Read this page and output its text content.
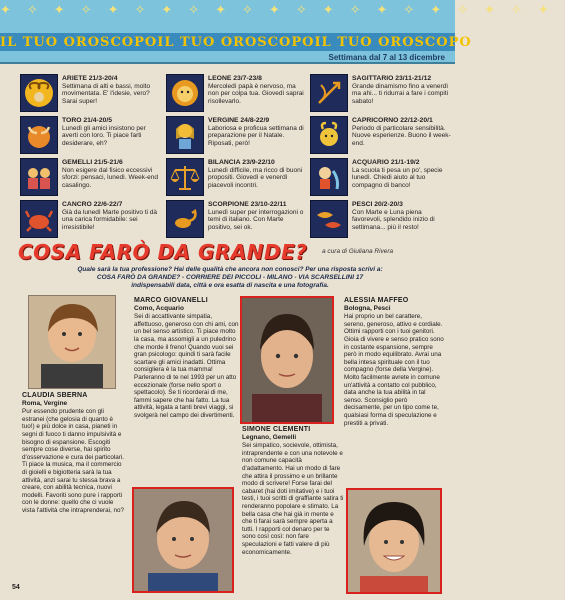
✦✧✦✧✦✧✦✧✦✧✦✧✦✧✦✧✦✧✦✧✦
IL TUO OROSCOPO IL TUO OROSCOPO IL TUO OROSCOPO
Settimana dal 7 al 13 dicembre
ARIETE 21/3-20/4
Settimana di alti e bassi, molto movimentata. E' l'idesie, vero? Sarai super!
TORO 21/4-20/5
Lunedì gli amici insistono per averti con loro. Ti piace farti desiderare, eh?
GEMELLI 21/5-21/6
Non esigere dal fisico eccessivi sforzi: pensaci, lunedì. Week-end casalingo.
CANCRO 22/6-22/7
Già da lunedì Marte positivo ti dà una carica formidabile: sei irresistibile!
LEONE 23/7-23/8
Mercoledì papà è nervoso, ma non per colpa tua. Giovedì saprai risollevarlo.
VERGINE 24/8-22/9
Laboriosa e proficua settimana di preparazione per il Natale. Riposati, però!
BILANCIA 23/9-22/10
Lunedì difficile, ma ricco di buoni propositi. Giovedì e venerdì piacevoli incontri.
SCORPIONE 23/10-22/11
Lunedì super per interrogazioni o temi di italiano. Con Marte positivo, sei ok.
SAGITTARIO 23/11-21/12
Grande dinamismo fino a venerdì ma ahi... ti ridurrai a fare i compiti sabato!
CAPRICORNO 22/12-20/1
Periodo di particolare sensibilità. Nuove esperienze. Buono il week-end.
ACQUARIO 21/1-19/2
La scuola ti pesa un po', specie lunedì. Chiedi aiuto al tuo compagno di banco!
PESCI 20/2-20/3
Con Marte e Luna piena favorevoli, splendido inizio di settimana... più il resto!
COSA FARÒ DA GRANDE? a cura di Giuliana Rivera
Quale sarà la tua professione? Hai delle qualità che ancora non conosci? Per una risposta scrivi a:
COSA FARÒ DA GRANDE? - CORRIERE DEI PICCOLI - MILANO - VIA SCARSELLINI 17
indispensabili data, città e ora esatta di nascita e una fotografia.
CLAUDIA SBERNA
Roma, Vergine

Pur essendo prudente con gli estranei (che gelosia di quanto è tuo!) e più dolce in casa, pianeti in segni di fuoco ti danno impulsività e bisogno di espansione. Escogiti sempre cose diverse, hai spirito d'osservazione e cura dei particolari. Ti piace la musica, ma il commercio di gioielli e bigiotteria sarà la tua attività, anzi sarai tu stessa brava a creare, con abilità tecnica, nuovi modelli. Favoriti sono pure i rapporti con le donne: quello che ci vuole vista l'attività che intraprenderai, no?

MARCO GIOVANELLI
Como, Acquario

Sei di accattivante simpatia, affettuoso, generoso con chi ami, con un bel senso artistico. Ti piace molto la casa, ma assomigli a un puledrino che morde il freno! Quando vuoi sei gran psicologo: quindi ti sarà facile scartare gli amici inadatti. Ottima consigliera è la tua mamma! Parleranno di te nel 1993 per un atto eccezionale (forse nello sport o spettacolo). Se ti ricorderai di me, fammi sapere che hai fatto. La tua attività, legata a tanti brevi viaggi, si svolgerà nel campo dei divertimenti.

SIMONE CLEMENTI
Legnano, Gemelli

Sei simpatico, socievole, ottimista, intraprendente e con una notevole e non comune capacità d'adattamento. Hai un modo di fare che attira il prossimo e un brillante modo di scrivere! Forse farai del cabaret (hai doti imitative) e i tuoi testi, i tuoi scritti di graffiante satira ti renderanno popolare e stimato. La bella casa che hai già in mente e che ti farai sarà sempre aperta a tutti. I rapporti col denaro per te sono così così: non fare speculazioni e fatti valere di più economicamente.

ALESSIA MAFFEO
Bologna, Pesci

Hai proprio un bel carattere, sereno, generoso, attivo e cordiale. Ottimi rapporti con i tuoi genitori. Gioia di vivere e senso pratico sono in costante espansione, sempre però in modo equilibrato. Avrai una bella intesa spirituale con il tuo compagno (forse della Vergine). Molto facilmente avrete in comune un'attività a contatto col pubblico, data anche la tua abilità in tal senso. Sconsiglio però decisamente, per un tipo come te, qualsiasi forma di speculazione e prestiti a privati.

54
